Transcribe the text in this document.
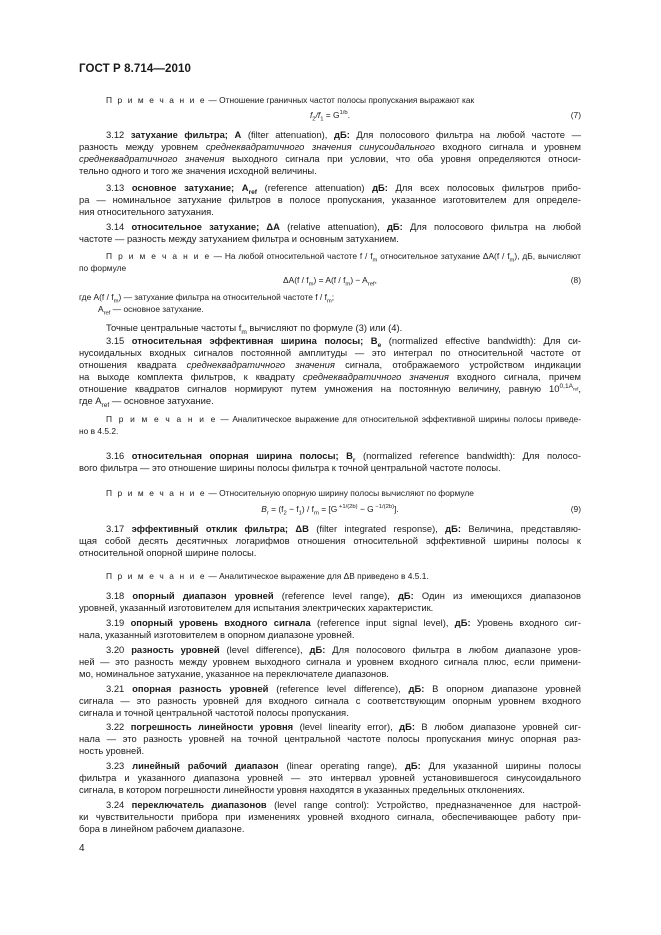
ГОСТ Р 8.714—2010
П р и м е ч а н и е — Отношение граничных частот полосы пропускания выражают как
$f_2/f_1 = G^{1/b}$.	(7)
3.12 затухание фильтра; A (filter attenuation), дБ: Для полосового фильтра на любой частоте —
разность между уровнем среднеквадратичного значения синусоидального входного сигнала и уровнем
среднеквадратичного значения выходного сигнала при условии, что оба уровня определяются относи-
тельно одного и того же значения исходной величины.
3.13 основное затухание; $A_{ref}$ (reference attenuation) дБ: Для всех полосовых фильтров прибо-
ра — номинальное затухание фильтров в полосе пропускания, указанное изготовителем для определе-
ния относительного затухания.
3.14 относительное затухание; ΔA (relative attenuation), дБ: Для полосового фильтра на любой
частоте — разность между затуханием фильтра и основным затуханием.
П р и м е ч а н и е — На любой относительной частоте f / $f_m$ относительное затухание $\Delta A(f / f_m)$, дБ, вычисляют
по формуле
$\Delta A(f / f_m) = A(f / f_m) - A_{ref}$,	(8)
где $A(f / f_m)$ — затухание фильтра на относительной частоте f / $f_m$;
$A_{ref}$ — основное затухание.
Точные центральные частоты $f_m$ вычисляют по формуле (3) или (4).
3.15 относительная эффективная ширина полосы; $B_e$ (normalized effective bandwidth): Для си-
нусоидальных входных сигналов постоянной амплитуды — это интеграл по относительной частоте от
отношения квадрата среднеквадратичного значения сигнала, отображаемого устройством индикации
на выходе комплекта фильтров, к квадрату среднеквадратичного значения входного сигнала, причем
отношение квадратов сигналов нормируют путем умножения на постоянную величину, равную $10^{0,1A_{ref}}$,
где $A_{ref}$ — основное затухание.
П р и м е ч а н и е — Аналитическое выражение для относительной эффективной ширины полосы приведе-
но в 4.5.2.
3.16 относительная опорная ширина полосы; $B_r$ (normalized reference bandwidth): Для полосо-
вого фильтра — это отношение ширины полосы фильтра к точной центральной частоте полосы.
П р и м е ч а н и е — Относительную опорную ширину полосы вычисляют по формуле
$B_r = (f_2 - f_1) / f_m = [G$ $^{+1/(2b)}$ − G $^{-1/(2b)}$].	(9)
3.17 эффективный отклик фильтра; ΔB (filter integrated response), дБ: Величина, представляю-
щая собой десять десятичных логарифмов отношения относительной эффективной ширины полосы к
относительной опорной ширине полосы.
П р и м е ч а н и е — Аналитическое выражение для ΔB приведено в 4.5.1.
3.18 опорный диапазон уровней (reference level range), дБ: Один из имеющихся диапазонов
уровней, указанный изготовителем для испытания электрических характеристик.
3.19 опорный уровень входного сигнала (reference input signal level), дБ: Уровень входного сиг-
нала, указанный изготовителем в опорном диапазоне уровней.
3.20 разность уровней (level difference), дБ: Для полосового фильтра в любом диапазоне уров-
ней — это разность между уровнем выходного сигнала и уровнем входного сигнала плюс, если примени-
мо, номинальное затухание, указанное на переключателе диапазонов.
3.21 опорная разность уровней (reference level difference), дБ: В опорном диапазоне уровней
сигнала — это разность уровней для входного сигнала с соответствующим опорным уровнем входного
сигнала и точной центральной частотой полосы пропускания.
3.22 погрешность линейности уровня (level linearity error), дБ: В любом диапазоне уровней сиг-
нала — это разность уровней на точной центральной частоте полосы пропускания минус опорная раз-
ность уровней.
3.23 линейный рабочий диапазон (linear operating range), дБ: Для указанной ширины полосы
фильтра и указанного диапазона уровней — это интервал уровней установившегося синусоидального
сигнала, в котором погрешности линейности уровня находятся в указанных предельных отклонениях.
3.24 переключатель диапазонов (level range control): Устройство, предназначенное для настрой-
ки чувствительности прибора при изменениях уровней входного сигнала, обеспечивающее работу при-
бора в линейном рабочем диапазоне.
4
